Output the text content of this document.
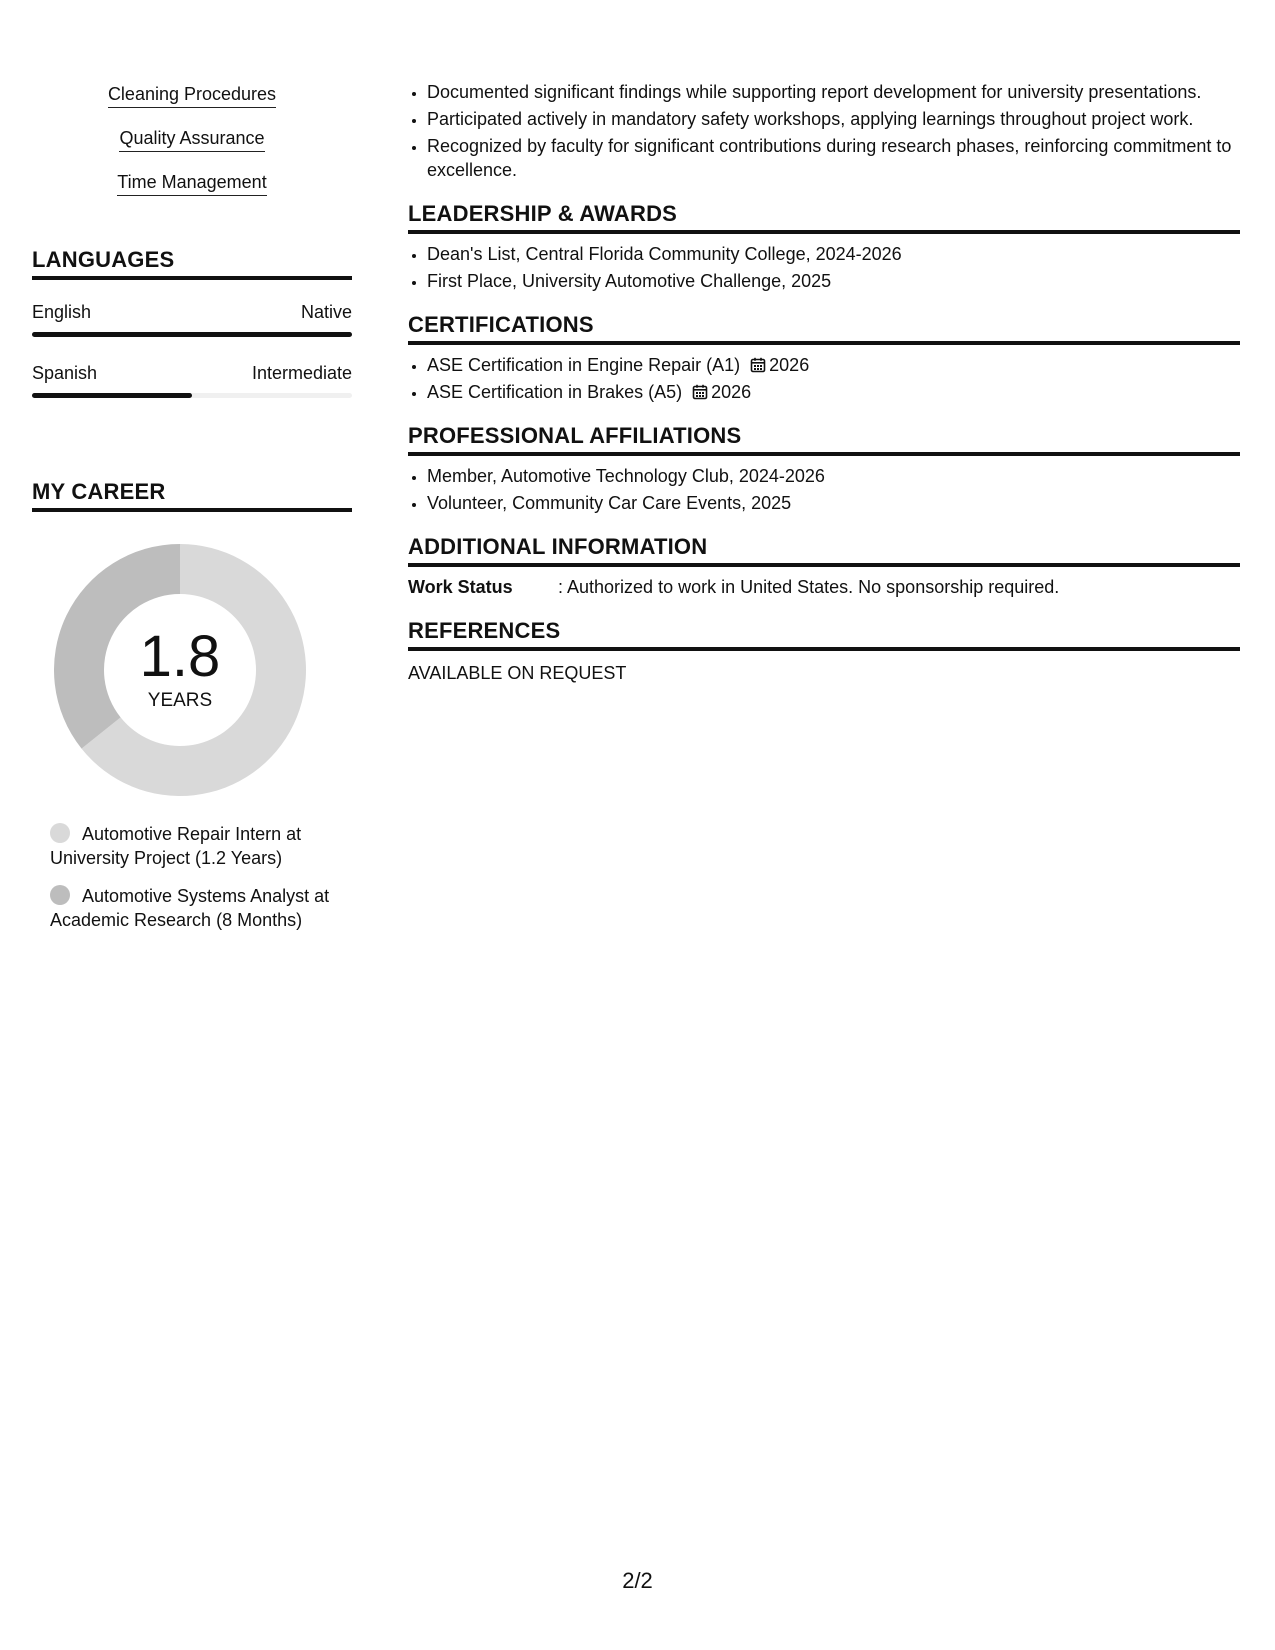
Cleaning Procedures
Quality Assurance
Time Management
LANGUAGES
English	Native
Spanish	Intermediate
MY CAREER
1.8
YEARS
Automotive Repair Intern at University Project (1.2 Years)
Automotive Systems Analyst at Academic Research (8 Months)
• Documented significant findings while supporting report development for university presentations.
• Participated actively in mandatory safety workshops, applying learnings throughout project work.
• Recognized by faculty for significant contributions during research phases, reinforcing commitment to excellence.
LEADERSHIP & AWARDS
• Dean's List, Central Florida Community College, 2024-2026
• First Place, University Automotive Challenge, 2025
CERTIFICATIONS
• ASE Certification in Engine Repair (A1) 2026
• ASE Certification in Brakes (A5) 2026
PROFESSIONAL AFFILIATIONS
• Member, Automotive Technology Club, 2024-2026
• Volunteer, Community Car Care Events, 2025
ADDITIONAL INFORMATION
Work Status	: Authorized to work in United States. No sponsorship required.
REFERENCES
AVAILABLE ON REQUEST
2/2
